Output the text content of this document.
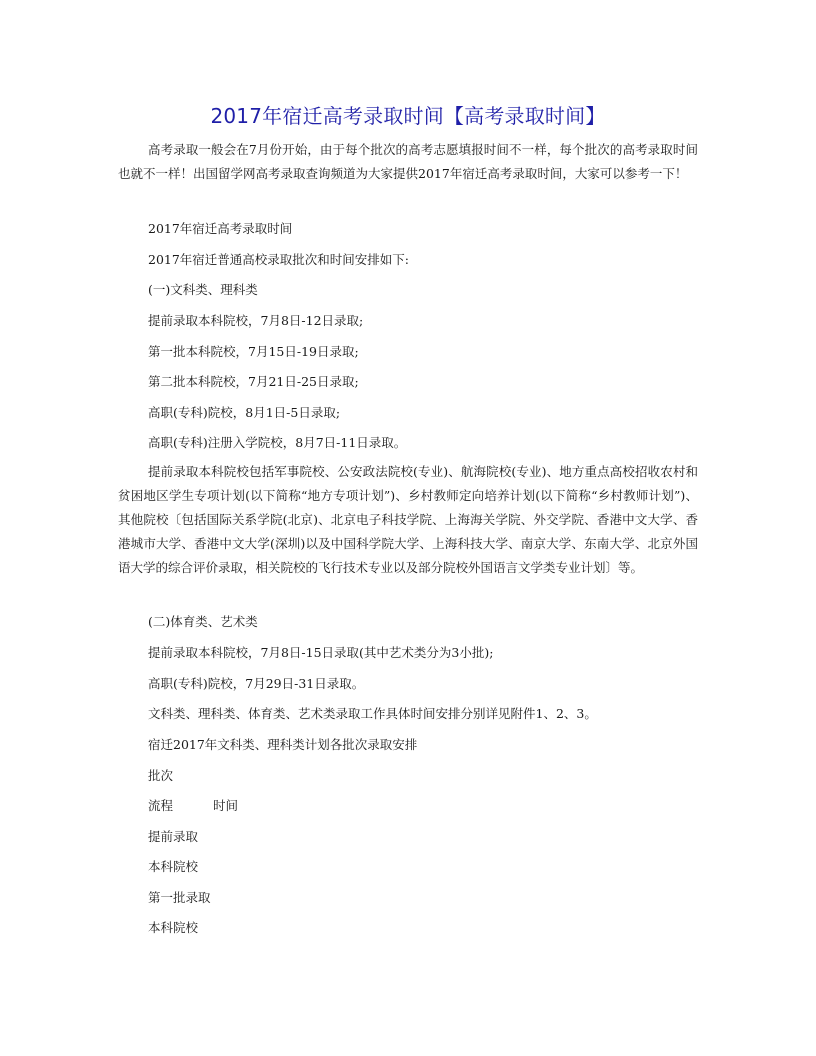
2017年宿迁高考录取时间【高考录取时间】

高考录取一般会在7月份开始，由于每个批次的高考志愿填报时间不一样，每个批次的高考录取时间也就不一样！出国留学网高考录取查询频道为大家提供2017年宿迁高考录取时间，大家可以参考一下！

2017年宿迁高考录取时间

2017年宿迁普通高校录取批次和时间安排如下:

(一)文科类、理科类

提前录取本科院校，7月8日-12日录取;

第一批本科院校，7月15日-19日录取;

第二批本科院校，7月21日-25日录取;

高职(专科)院校，8月1日-5日录取;

高职(专科)注册入学院校，8月7日-11日录取。

提前录取本科院校包括军事院校、公安政法院校(专业)、航海院校(专业)、地方重点高校招收农村和贫困地区学生专项计划(以下简称“地方专项计划”)、乡村教师定向培养计划(以下简称“乡村教师计划”)、其他院校〔包括国际关系学院(北京)、北京电子科技学院、上海海关学院、外交学院、香港中文大学、香港城市大学、香港中文大学(深圳)以及中国科学院大学、上海科技大学、南京大学、东南大学、北京外国语大学的综合评价录取，相关院校的飞行技术专业以及部分院校外国语言文学类专业计划〕等。

(二)体育类、艺术类

提前录取本科院校，7月8日-15日录取(其中艺术类分为3小批);

高职(专科)院校，7月29日-31日录取。

文科类、理科类、体育类、艺术类录取工作具体时间安排分别详见附件1、2、3。

宿迁2017年文科类、理科类计划各批次录取安排

批次

流程	时间

提前录取

本科院校

第一批录取

本科院校
